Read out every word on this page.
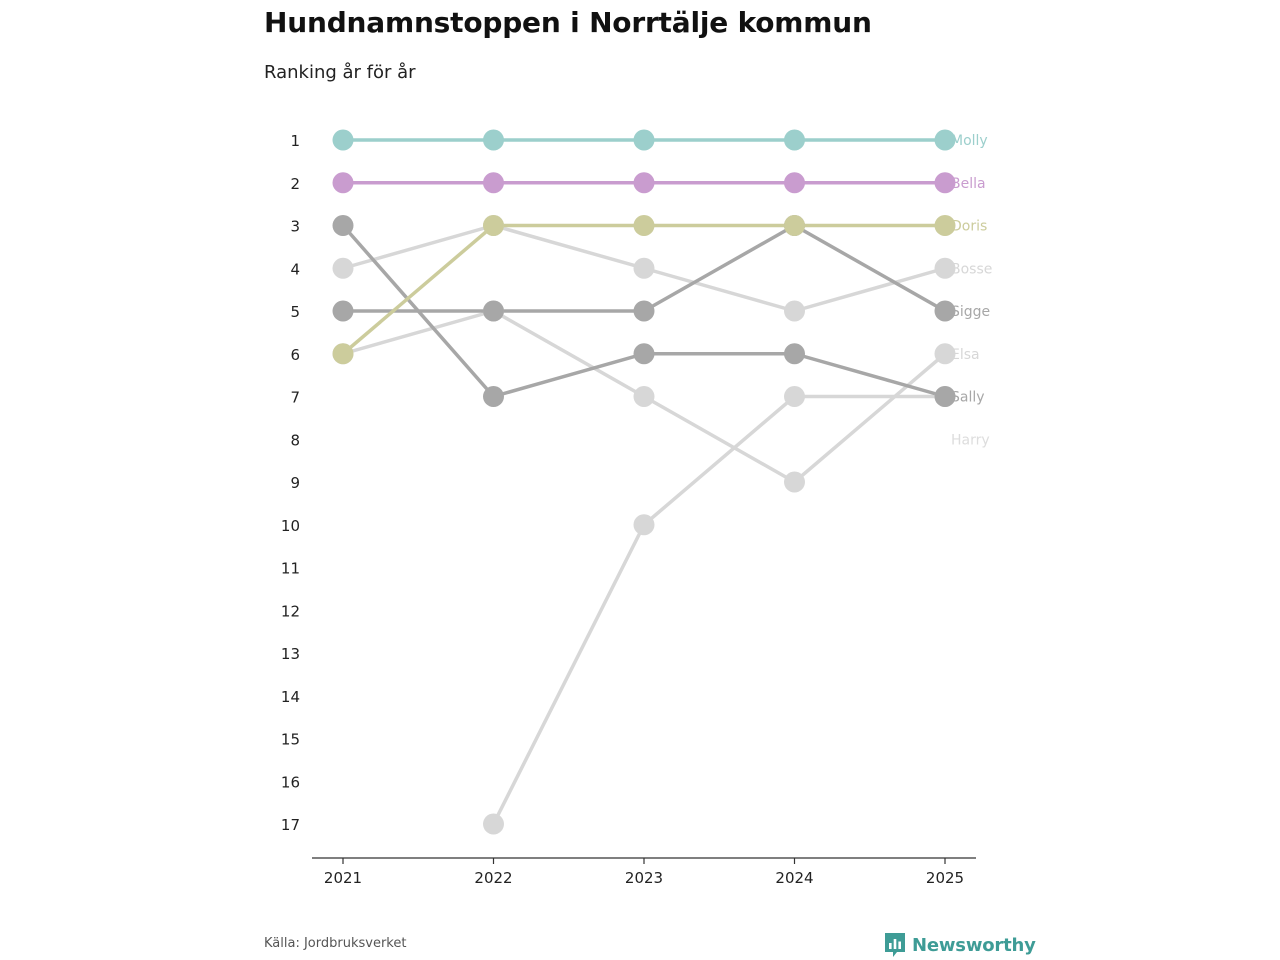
Hundnamnstoppen i Norrtälje kommun

Ranking år för år

1
2
3
4
5
6
7
8
9
10
11
12
13
14
15
16
17
2021	2022	2023	2024	2025
Molly
Bella
Doris
Bosse
Sigge
Elsa
Sally
Harry
Källa: Jordbruksverket	Newsworthy
